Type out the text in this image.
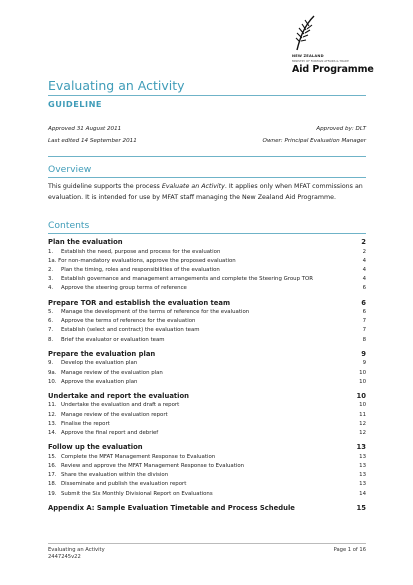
NEW ZEALAND
MINISTRY OF FOREIGN AFFAIRS & TRADE
Aid Programme
Evaluating an Activity
GUIDELINE
Approved 31 August 2011	Approved by: DLT
Last edited 14 September 2011	Owner: Principal Evaluation Manager
Overview
This guideline supports the process Evaluate an Activity. It applies only when MFAT commissions an evaluation. It is intended for use by MFAT staff managing the New Zealand Aid Programme.
Contents
Plan the evaluation	2
1. Establish the need, purpose and process for the evaluation	2
1a. For non-mandatory evaluations, approve the proposed evaluation	4
2. Plan the timing, roles and responsibilities of the evaluation	4
3. Establish governance and management arrangements and complete the Steering Group TOR	4
4. Approve the steering group terms of reference	6
Prepare TOR and establish the evaluation team	6
5. Manage the development of the terms of reference for the evaluation	6
6. Approve the terms of reference for the evaluation	7
7. Establish (select and contract) the evaluation team	7
8. Brief the evaluator or evaluation team	8
Prepare the evaluation plan	9
9. Develop the evaluation plan	9
9a. Manage review of the evaluation plan	10
10. Approve the evaluation plan	10
Undertake and report the evaluation	10
11. Undertake the evaluation and draft a report	10
12. Manage review of the evaluation report	11
13. Finalise the report	12
14. Approve the final report and debrief	12
Follow up the evaluation	13
15. Complete the MFAT Management Response to Evaluation	13
16. Review and approve the MFAT Management Response to Evaluation	13
17. Share the evaluation within the division	13
18. Disseminate and publish the evaluation report	13
19. Submit the Six Monthly Divisional Report on Evaluations	14
Appendix A: Sample Evaluation Timetable and Process Schedule	15
Evaluating an Activity
2447245v22
Page 1 of 16
